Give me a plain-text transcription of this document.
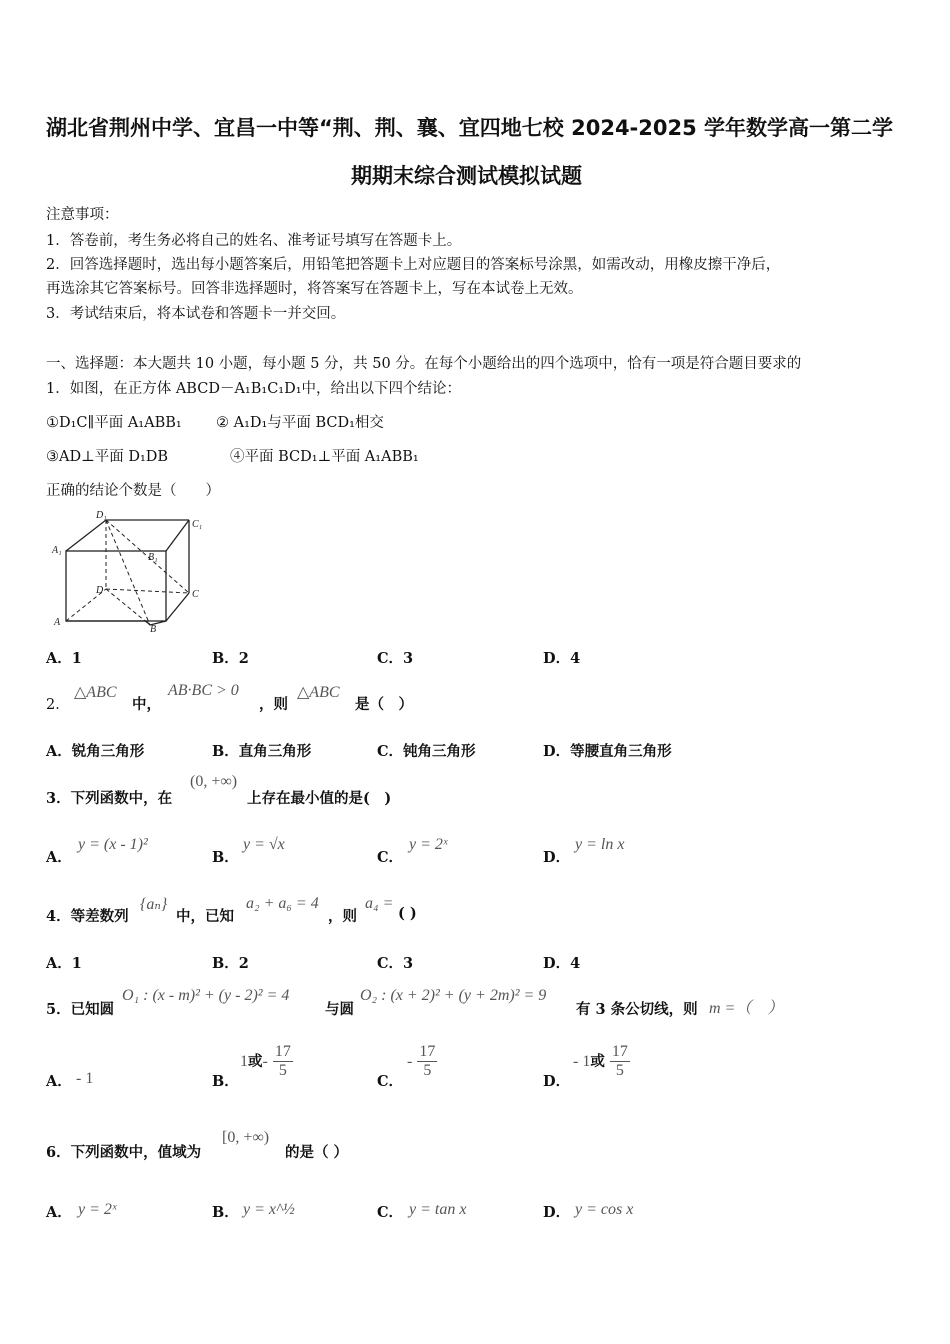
湖北省荆州中学、宜昌一中等“荆、荆、襄、宜四地七校 2024-2025 学年数学高一第二学
期期末综合测试模拟试题
注意事项：
1．答卷前，考生务必将自己的姓名、准考证号填写在答题卡上。
2．回答选择题时，选出每小题答案后，用铅笔把答题卡上对应题目的答案标号涂黑，如需改动，用橡皮擦干净后，
再选涂其它答案标号。回答非选择题时，将答案写在答题卡上，写在本试卷上无效。
3．考试结束后，将本试卷和答题卡一并交回。
一、选择题：本大题共 10 小题，每小题 5 分，共 50 分。在每个小题给出的四个选项中，恰有一项是符合题目要求的
1．如图，在正方体 ABCD－A₁B₁C₁D₁中，给出以下四个结论：
①D₁C∥平面 A₁ABB₁ ② A₁D₁与平面 BCD₁相交
③AD⊥平面 D₁DB	④平面 BCD₁⊥平面 A₁ABB₁
正确的结论个数是（　　）
D₁
C₁
A₁
B₁
D	C
A
B
A．1	B．2	C．3	D．4
2．
△ABC
中，
AB·BC > 0
，则
△ABC
是（　）
A．锐角三角形	B．直角三角形	C．钝角三角形	D．等腰直角三角形
3．下列函数中，在
(0, +∞)
上存在最小值的是(　)
A．
y = (x - 1)²
B．
y = √x
C．
y = 2ˣ
D．
y = ln x
4．等差数列
{aₙ}
中，已知
a₂ + a₆ = 4
，则
a₄ =
( )
A．1	B．2	C．3	D．4
5．已知圆
O₁ : (x - m)² + (y - 2)² = 4
与圆
O₂ : (x + 2)² + (y + 2m)² = 9
有 3 条公切线，则 m =（　）
A． - 1	B．
1或- $\frac{17}{5}$
C．
- $\frac{17}{5}$
D．
- 1或 $\frac{17}{5}$
6．下列函数中，值域为
[0, +∞)
的是（ ）
A． y = 2ˣ	B． y = x^½	C． y = tan x	D． y = cos x
